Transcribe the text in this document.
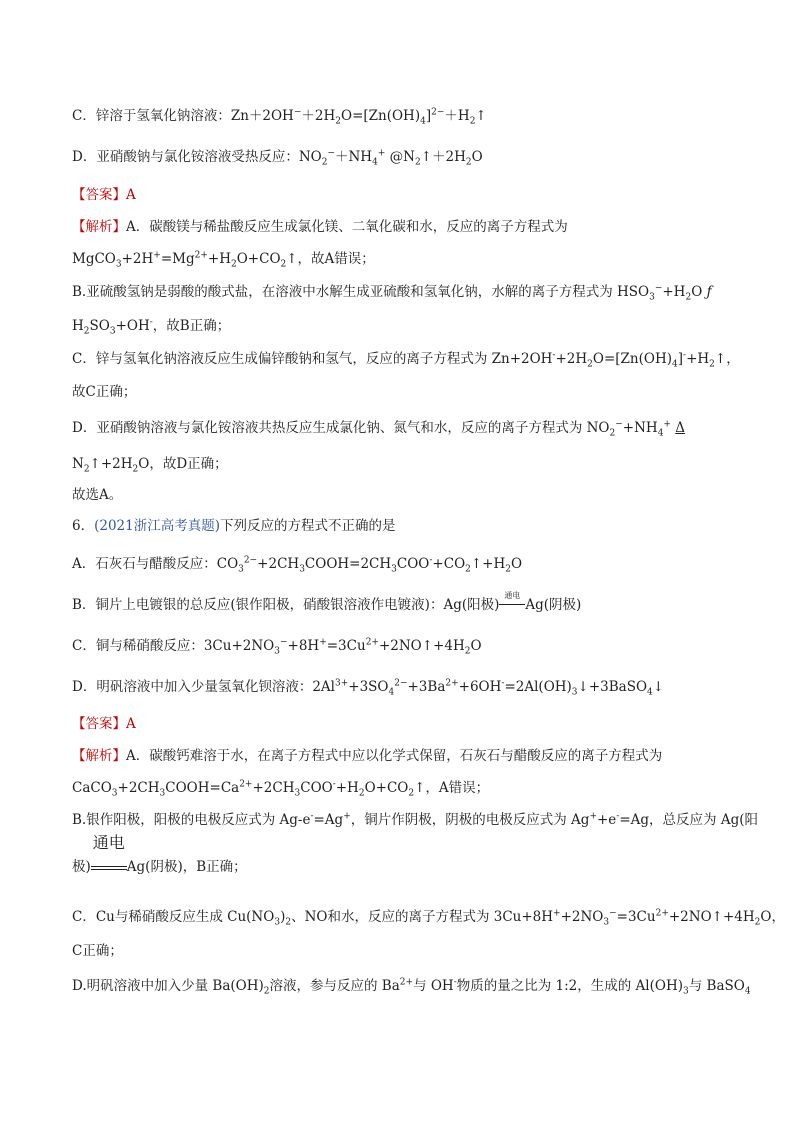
C．锌溶于氢氧化钠溶液：$Zn+2OH^-+2H_2O=[Zn(OH)_4]^{2-}+H_2↑$
D．亚硝酸钠与氯化铵溶液受热反应：$NO_2^-+NH_4^+$ $@N_2↑+2H_2O$
【答案】A
【解析】A．碳酸镁与稀盐酸反应生成氯化镁、二氧化碳和水，反应的离子方程式为
$MgCO_3+2H^+=Mg^{2+}+H_2O+CO_2↑$，故A错误；
B.亚硫酸氢钠是弱酸的酸式盐，在溶液中水解生成亚硫酸和氢氧化钠，水解的离子方程式为 $HSO_3^-+H_2O$ ƒ
$H_2SO_3+OH^-$，故B正确；
C．锌与氢氧化钠溶液反应生成偏锌酸钠和氢气，反应的离子方程式为 $Zn+2OH^-+2H_2O=[Zn(OH)_4]^-+H_2↑$，
故C正确；
D．亚硝酸钠溶液与氯化铵溶液共热反应生成氯化钠、氮气和水，反应的离子方程式为 $NO_2^-+NH_4^+$ Δ
$N_2↑+2H_2O$，故D正确；
故选A。
6．(2021浙江高考真题)下列反应的方程式不正确的是
A．石灰石与醋酸反应：$CO_3^{2-}+2CH_3COOH=2CH_3COO^-+CO_2↑+H_2O$
B．铜片上电镀银的总反应(银作阳极，硝酸银溶液作电镀液)：Ag(阳极)
通电
Ag(阴极)
C．铜与稀硝酸反应：$3Cu+2NO_3^-+8H^+=3Cu^{2+}+2NO↑+4H_2O$
D．明矾溶液中加入少量氢氧化钡溶液：$2Al^{3+}+3SO_4^{2-}+3Ba^{2+}+6OH^-=2Al(OH)_3↓+3BaSO_4↓$
【答案】A
【解析】A．碳酸钙难溶于水，在离子方程式中应以化学式保留，石灰石与醋酸反应的离子方程式为
$CaCO_3+2CH_3COOH=Ca^{2+}+2CH_3COO^-+H_2O+CO_2↑$，A错误；
B.银作阳极，阳极的电极反应式为 Ag-e-=Ag+，铜片作阴极，阴极的电极反应式为 Ag++e-=Ag，总反应为 Ag(阳
极)
通电
Ag(阴极)，B正确；
C．Cu与稀硝酸反应生成 $Cu(NO_3)_2$、NO和水，反应的离子方程式为 $3Cu+8H^++2NO_3^-=3Cu^{2+}+2NO↑+4H_2O$，
C正确；
D.明矾溶液中加入少量 $Ba(OH)_2$溶液，参与反应的 $Ba^{2+}$与 OH-物质的量之比为 1:2，生成的 $Al(OH)_3$与 BaSO$_4$
